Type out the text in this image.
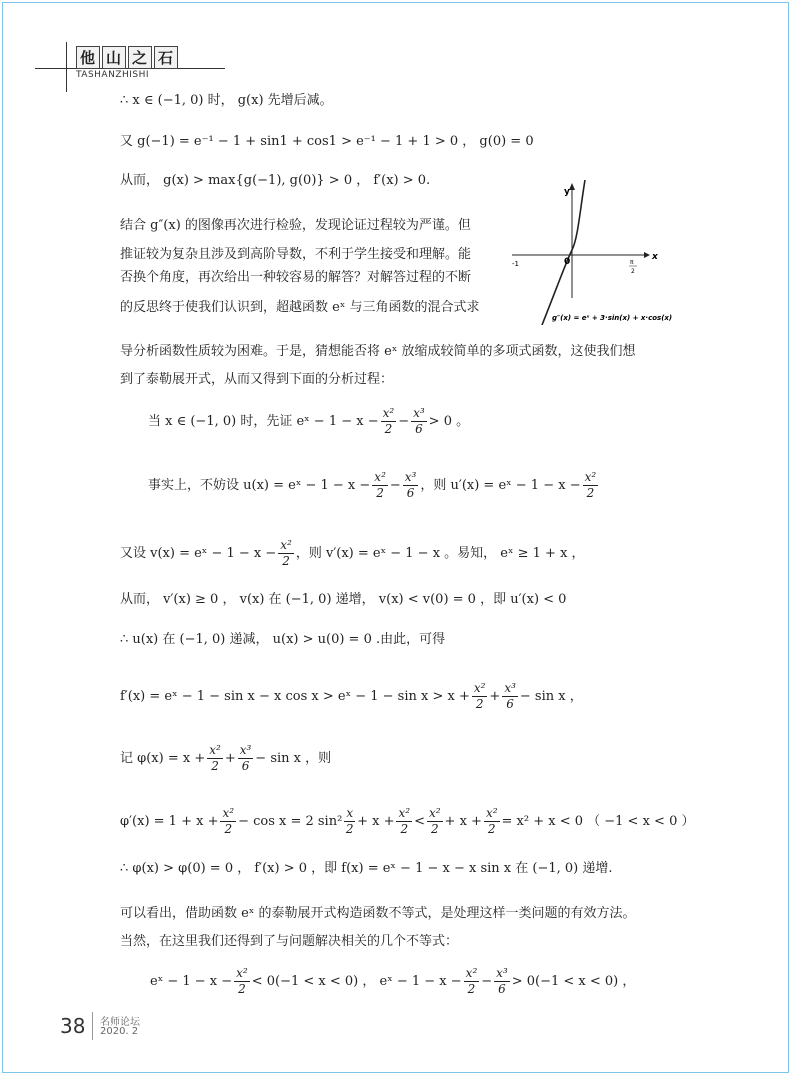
他 山 之 石
TASHANZHISHI
∴ x ∈ (−1, 0) 时， g(x) 先增后减。
又 g(−1) = e⁻¹ − 1 + sin1 + cos1 > e⁻¹ − 1 + 1 > 0 ， g(0) = 0
从而， g(x) > max{g(−1), g(0)} > 0 ， f′(x) > 0.
结合 g″(x) 的图像再次进行检验，发现论证过程较为严谨。但
推证较为复杂且涉及到高阶导数，不利于学生接受和理解。能
否换个角度，再次给出一种较容易的解答？对解答过程的不断
的反思终于使我们认识到，超越函数 eˣ 与三角函数的混合式求
y
x
0
-1	π
2
g″(x) = eˣ + 3·sin(x) + x·cos(x)
导分析函数性质较为困难。于是，猜想能否将 eˣ 放缩成较简单的多项式函数，这使我们想
到了泰勒展开式，从而又得到下面的分析过程：
当 x ∈ (−1, 0) 时，先证 eˣ − $1 - x - \frac{\text{x²}}{2} - \frac{\text{x³}}{6} > 0$ 。
事实上，不妨设 u(x) = eˣ − $1 - x - \frac{\text{x²}}{2} - \frac{\text{x³}}{6}$ ，则 u′(x) = eˣ − $1 - x - \frac{\text{x²}}{2}$
又设 v(x) = eˣ − $1 - x - \frac{\text{x²}}{2}$ ，则 v′(x) = eˣ − 1 − x 。易知， eˣ ≥ 1 + x ，
从而， v′(x) ≥ 0 ， v(x) 在 (−1, 0) 递增， v(x) < v(0) = 0 ，即 u′(x) < 0
∴ u(x) 在 (−1, 0) 递减， u(x) > u(0) = 0 .由此，可得
f′(x) = eˣ − 1 − sin x − x cos x > eˣ − $1 - \sin x > x + \frac{\text{x²}}{2} + \frac{\text{x³}}{6} - \sin x$ ，
记 $\varphi(x) = x + \frac{\text{x²}}{2} + \frac{\text{x³}}{6} - \sin x$ ，则
$\varphi'(x) = 1 + x + \frac{\text{x²}}{2} - \cos x = 2$ $\sin^2 \frac{x}{2} + x + \frac{\text{x²}}{2} < \frac{\text{x²}}{2} + x + \frac{\text{x²}}{2} = x^2 + x < 0$ （ −1 < x < 0 ）
∴ φ(x) > φ(0) = 0 ， f′(x) > 0 ，即 f(x) = eˣ − 1 − x − x sin x 在 (−1, 0) 递增.
可以看出，借助函数 eˣ 的泰勒展开式构造函数不等式，是处理这样一类问题的有效方法。
当然，在这里我们还得到了与问题解决相关的几个不等式：
eˣ − $1 - x - \frac{\text{x²}}{2} < 0(-1 < x < 0)$ ， eˣ − $1 - x - \frac{\text{x²}}{2} - \frac{\text{x³}}{6} > 0(-1 < x < 0)$ ，
38 名师论坛
2020. 2
